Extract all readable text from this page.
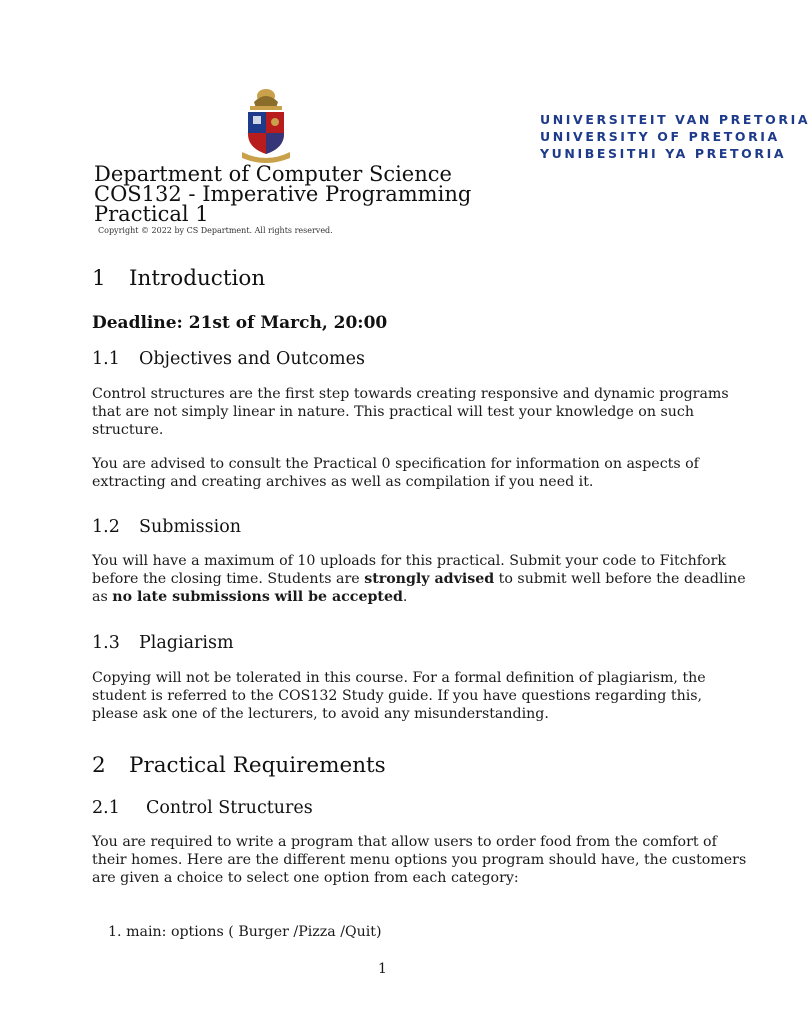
UNIVERSITEIT VAN PRETORIA
UNIVERSITY OF PRETORIA
YUNIBESITHI YA PRETORIA
Department of Computer Science
COS132 - Imperative Programming
Practical 1
Copyright © 2022 by CS Department. All rights reserved.
1 Introduction
Deadline: 21st of March, 20:00
1.1 Objectives and Outcomes
Control structures are the first step towards creating responsive and dynamic programs
that are not simply linear in nature. This practical will test your knowledge on such
structure.
You are advised to consult the Practical 0 specification for information on aspects of
extracting and creating archives as well as compilation if you need it.
1.2 Submission
You will have a maximum of 10 uploads for this practical. Submit your code to Fitchfork
before the closing time. Students are strongly advised to submit well before the deadline
as no late submissions will be accepted.
1.3 Plagiarism
Copying will not be tolerated in this course. For a formal definition of plagiarism, the
student is referred to the COS132 Study guide. If you have questions regarding this,
please ask one of the lecturers, to avoid any misunderstanding.
2 Practical Requirements
2.1 Control Structures
You are required to write a program that allow users to order food from the comfort of
their homes. Here are the different menu options you program should have, the customers
are given a choice to select one option from each category:
1. main: options ( Burger /Pizza /Quit)
1
